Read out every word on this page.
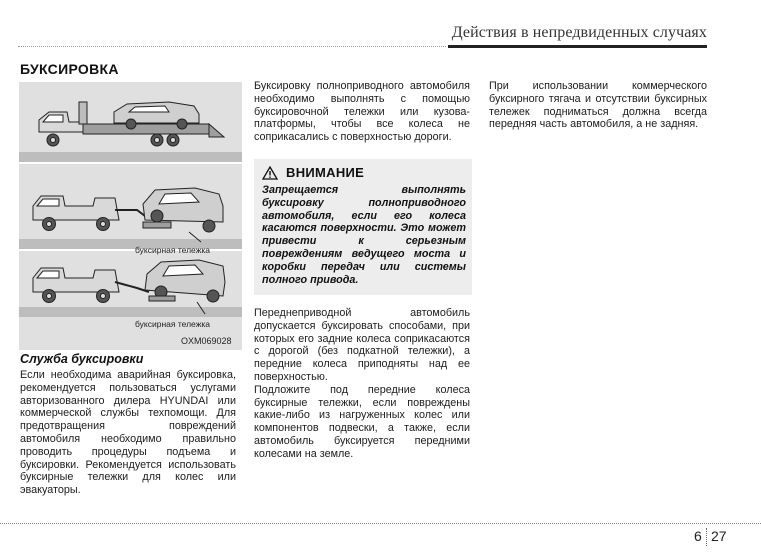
Действия в непредвиденных случаях
БУКСИРОВКА
буксирная тележка
буксирная тележка
OXM069028
Служба буксировки

Если необходима аварийная буксировка, рекомендуется пользоваться услугами авторизованного дилера HYUNDAI или коммерческой службы техпомощи. Для предотвращения повреждений автомобиля необходимо правильно проводить процедуры подъема и буксировки. Рекомендуется использовать буксирные тележки для колес или эвакуаторы.

Буксировку полноприводного автомобиля необходимо выполнять с помощью буксировочной тележки или кузова-платформы, чтобы все колеса не соприкасались с поверхностью дороги.

ВНИМАНИЕ

Запрещается выполнять буксировку полноприводного автомобиля, если его колеса касаются поверхности. Это может привести к серьезным повреждениям ведущего моста и коробки передач или системы полного привода.

Переднеприводной автомобиль допускается буксировать способами, при которых его задние колеса соприкасаются с дорогой (без подкатной тележки), а передние колеса приподняты над ее поверхностью.

Подложите под передние колеса буксирные тележки, если повреждены какие-либо из нагруженных колес или компонентов подвески, а также, если автомобиль буксируется передними колесами на земле.

При использовании коммерческого буксирного тягача и отсутствии буксирных тележек подниматься должна всегда передняя часть автомобиля, а не задняя.

6 27
